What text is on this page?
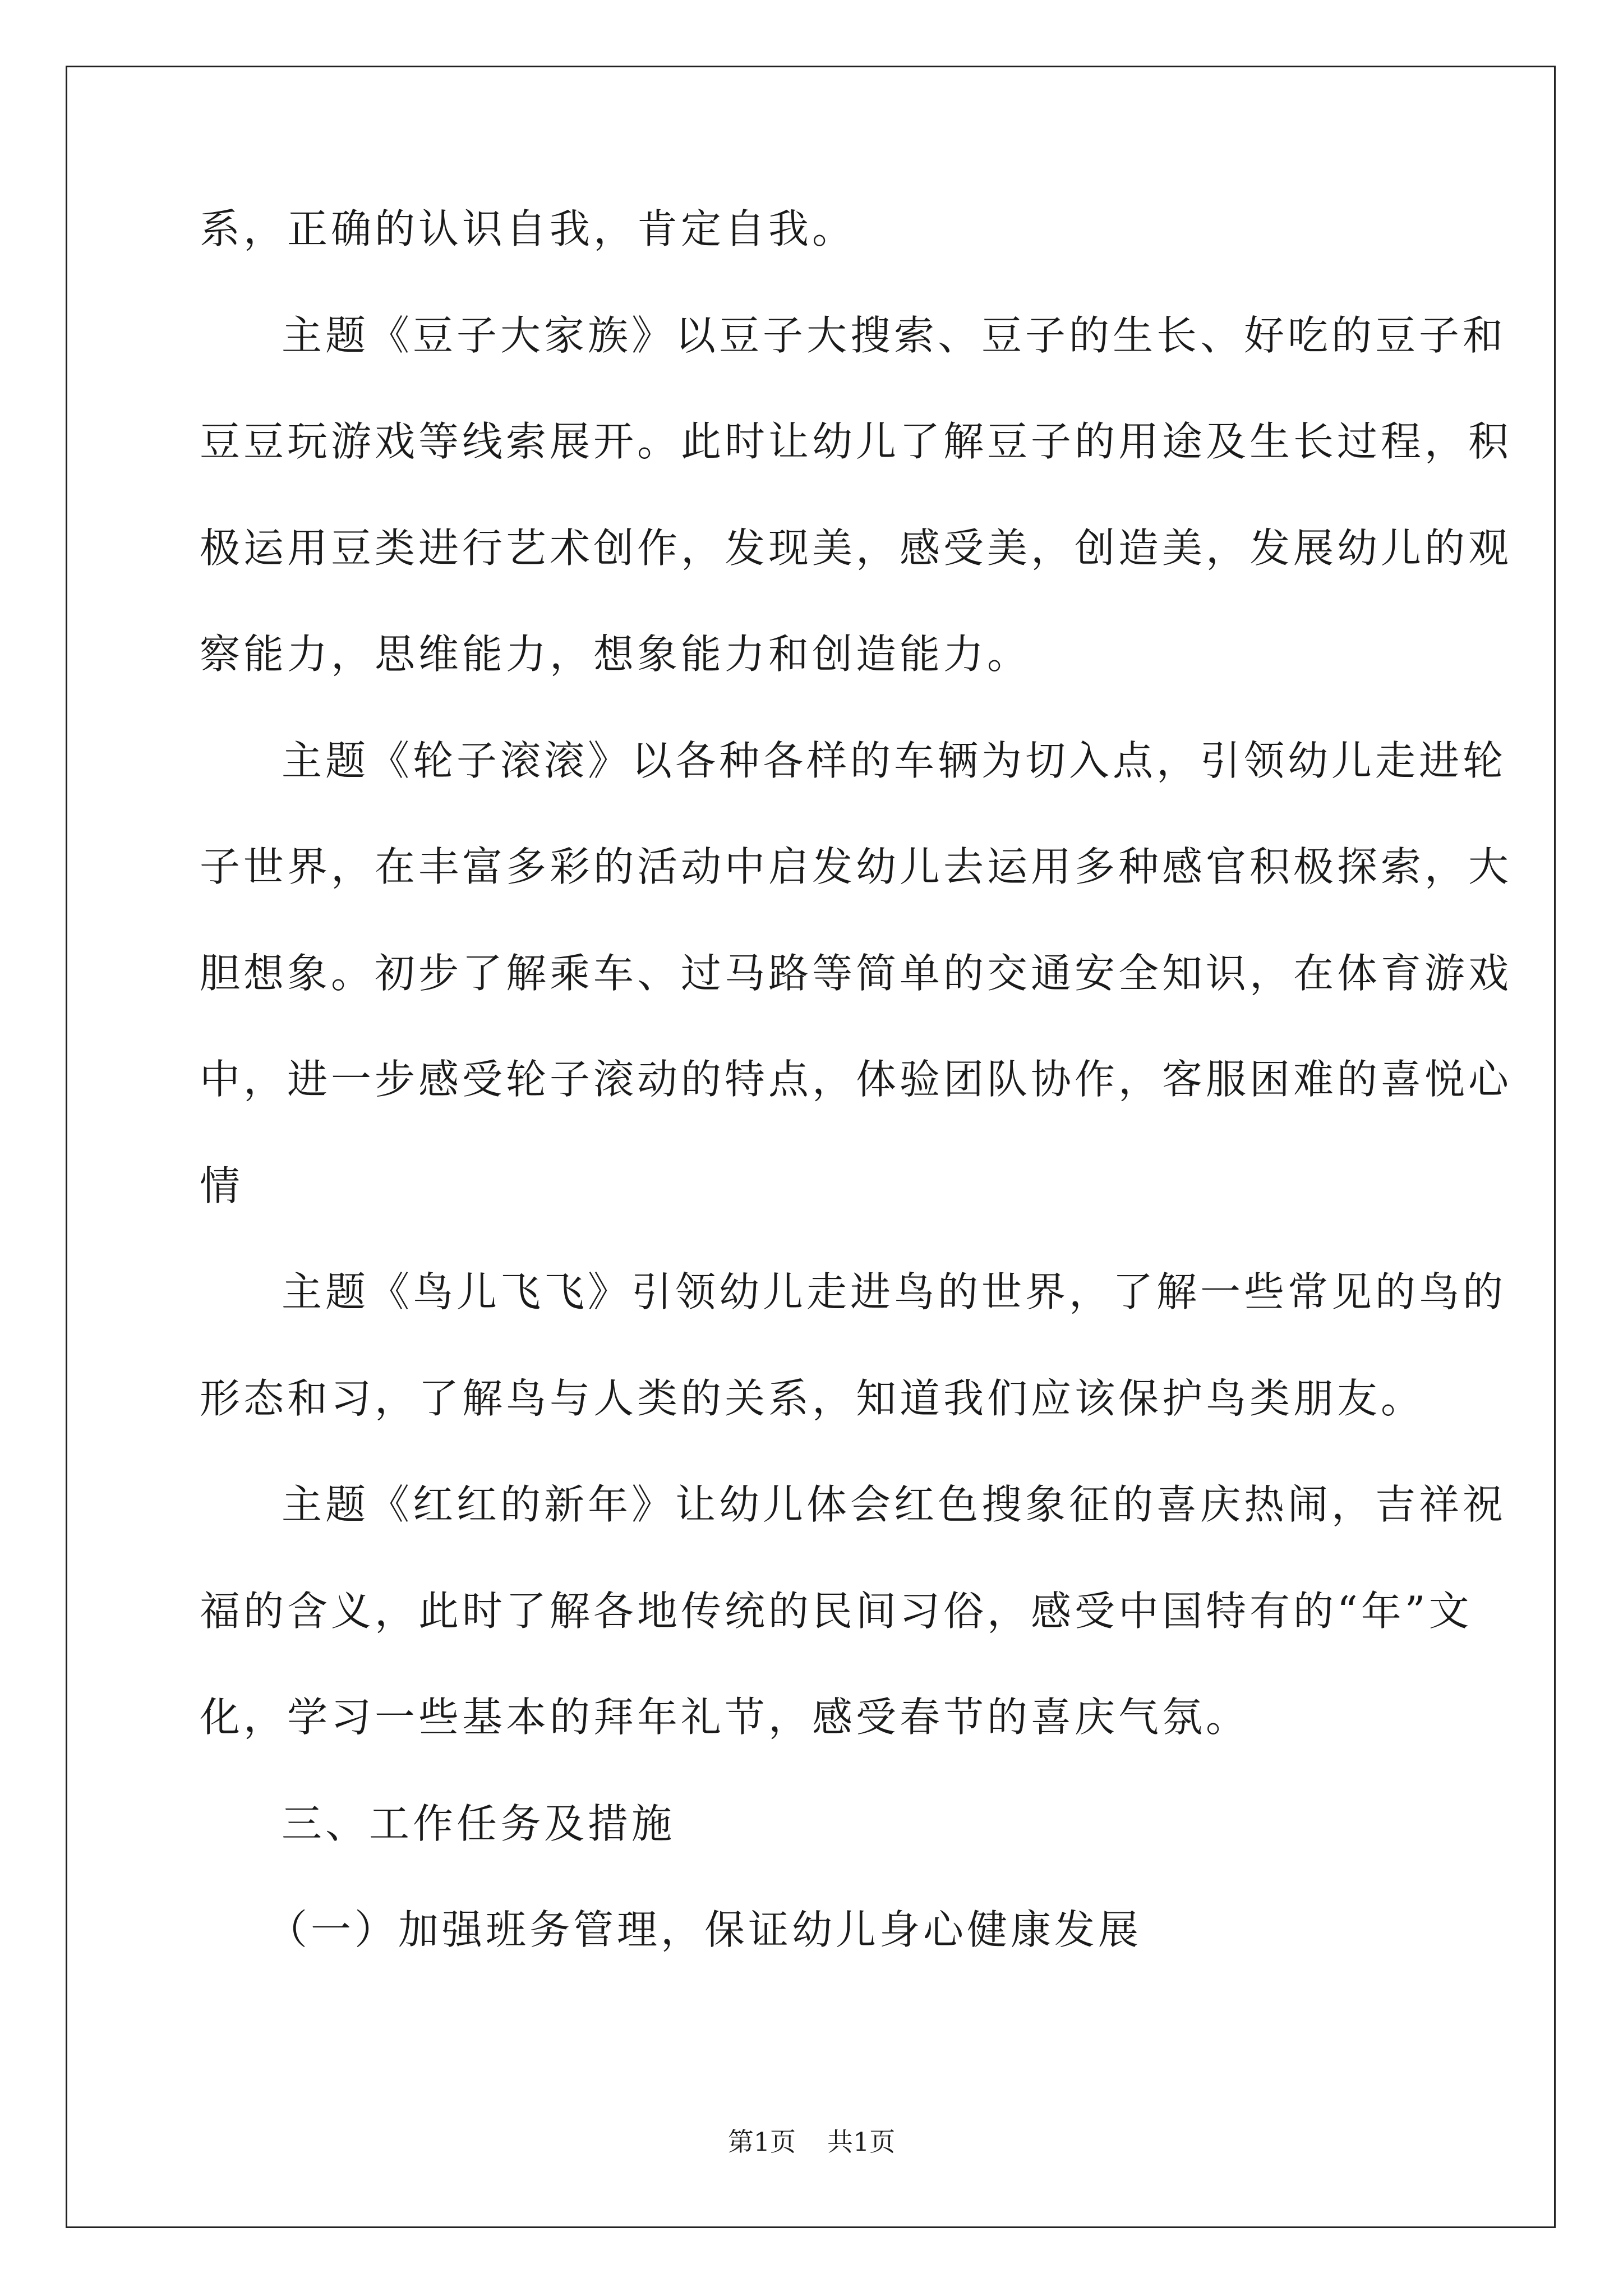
系，正确的认识自我，肯定自我。
主题《豆子大家族》以豆子大搜索、豆子的生长、好吃的豆子和
豆豆玩游戏等线索展开。此时让幼儿了解豆子的用途及生长过程，积
极运用豆类进行艺术创作，发现美，感受美，创造美，发展幼儿的观
察能力，思维能力，想象能力和创造能力。
主题《轮子滚滚》以各种各样的车辆为切入点，引领幼儿走进轮
子世界，在丰富多彩的活动中启发幼儿去运用多种感官积极探索，大
胆想象。初步了解乘车、过马路等简单的交通安全知识，在体育游戏
中，进一步感受轮子滚动的特点，体验团队协作，客服困难的喜悦心
情
主题《鸟儿飞飞》引领幼儿走进鸟的世界，了解一些常见的鸟的
形态和习，了解鸟与人类的关系，知道我们应该保护鸟类朋友。
主题《红红的新年》让幼儿体会红色搜象征的喜庆热闹，吉祥祝
福的含义，此时了解各地传统的民间习俗，感受中国特有的“年”文
化，学习一些基本的拜年礼节，感受春节的喜庆气氛。
三、工作任务及措施
（一）加强班务管理，保证幼儿身心健康发展
第1页 共1页
